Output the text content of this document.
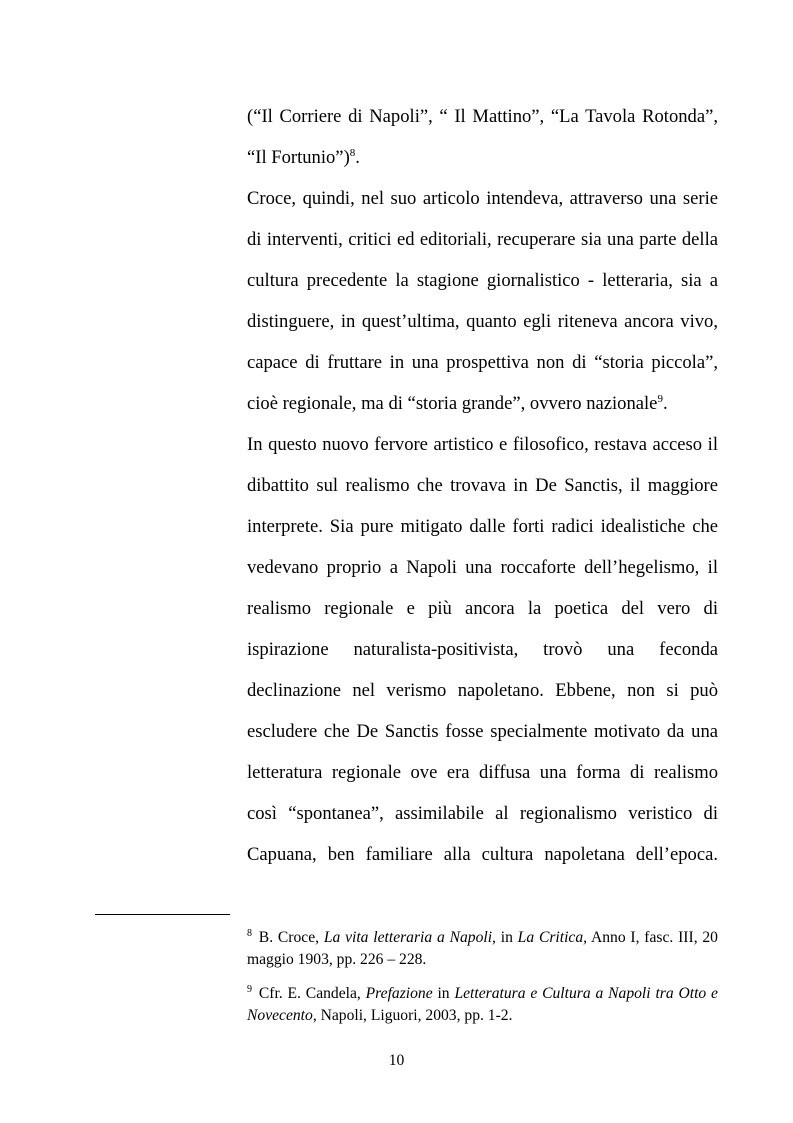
(“Il Corriere di Napoli”, “ Il Mattino”, “La Tavola Rotonda”,
“Il Fortunio”)$^8$.
Croce, quindi, nel suo articolo intendeva, attraverso una serie
di interventi, critici ed editoriali, recuperare sia una parte della
cultura precedente la stagione giornalistico - letteraria, sia a
distinguere, in quest’ultima, quanto egli riteneva ancora vivo,
capace di fruttare in una prospettiva non di “storia piccola”,
cioè regionale, ma di “storia grande”, ovvero nazionale$^9$.
In questo nuovo fervore artistico e filosofico, restava acceso il
dibattito sul realismo che trovava in De Sanctis, il maggiore
interprete. Sia pure mitigato dalle forti radici idealistiche che
vedevano proprio a Napoli una roccaforte dell’hegelismo, il
realismo regionale e più ancora la poetica del vero di
ispirazione naturalista-positivista, trovò una feconda
declinazione nel verismo napoletano. Ebbene, non si può
escludere che De Sanctis fosse specialmente motivato da una
letteratura regionale ove era diffusa una forma di realismo
così “spontanea”, assimilabile al regionalismo veristico di
Capuana, ben familiare alla cultura napoletana dell’epoca.
$^8$ B. Croce, La vita letteraria a Napoli, in La Critica, Anno I, fasc. III, 20
maggio 1903, pp. 226 – 228.
$^9$ Cfr. E. Candela, Prefazione in Letteratura e Cultura a Napoli tra Otto e
Novecento, Napoli, Liguori, 2003, pp. 1-2.
10
